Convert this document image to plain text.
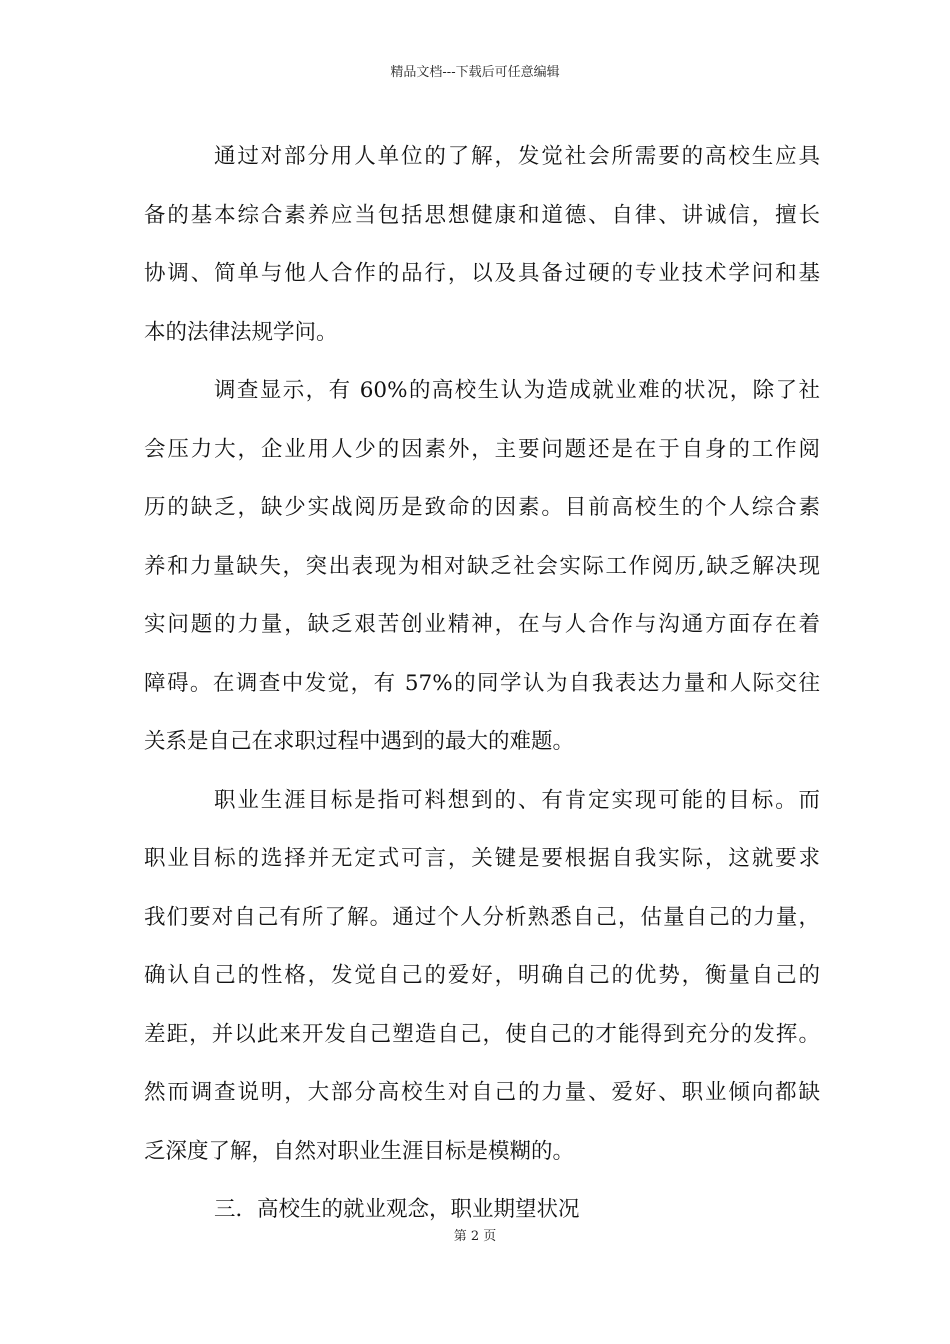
精品文档---下载后可任意编辑
通过对部分用人单位的了解，发觉社会所需要的高校生应具
备的基本综合素养应当包括思想健康和道德、自律、讲诚信，擅长
协调、简单与他人合作的品行，以及具备过硬的专业技术学问和基
本的法律法规学问。
调查显示，有 60%的高校生认为造成就业难的状况，除了社
会压力大，企业用人少的因素外，主要问题还是在于自身的工作阅
历的缺乏，缺少实战阅历是致命的因素。目前高校生的个人综合素
养和力量缺失，突出表现为相对缺乏社会实际工作阅历,缺乏解决现
实问题的力量，缺乏艰苦创业精神，在与人合作与沟通方面存在着
障碍。在调查中发觉，有 57%的同学认为自我表达力量和人际交往
关系是自己在求职过程中遇到的最大的难题。
职业生涯目标是指可料想到的、有肯定实现可能的目标。而
职业目标的选择并无定式可言，关键是要根据自我实际，这就要求
我们要对自己有所了解。通过个人分析熟悉自己，估量自己的力量，
确认自己的性格，发觉自己的爱好，明确自己的优势，衡量自己的
差距，并以此来开发自己塑造自己，使自己的才能得到充分的发挥。
然而调查说明，大部分高校生对自己的力量、爱好、职业倾向都缺
乏深度了解，自然对职业生涯目标是模糊的。
三．高校生的就业观念，职业期望状况
第 2 页
